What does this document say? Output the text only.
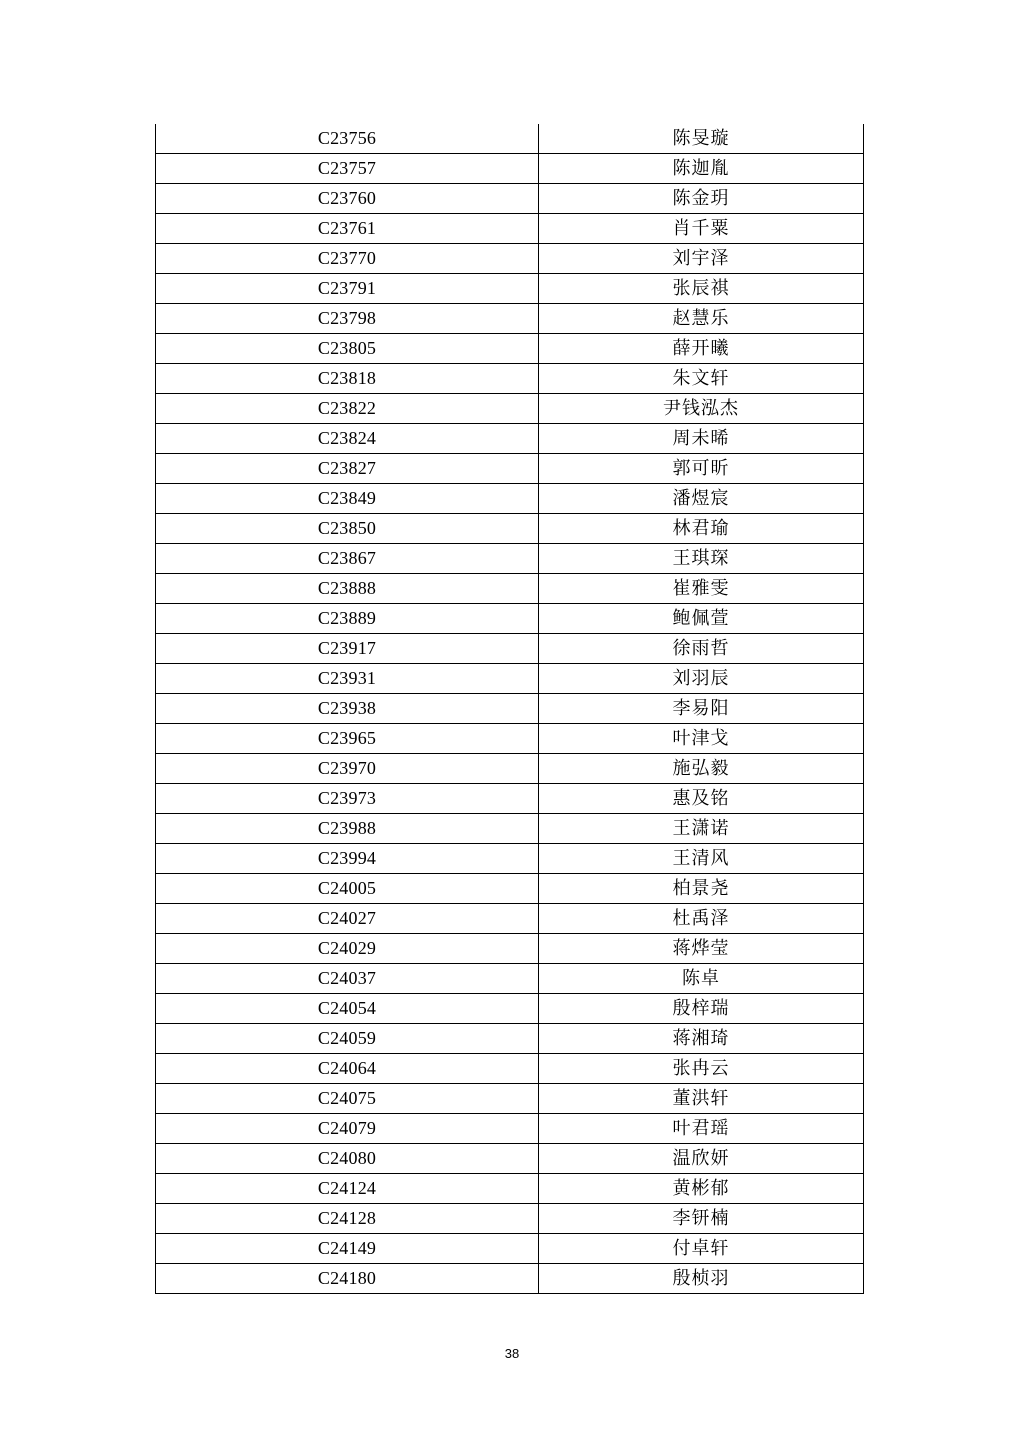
C23756	陈旻璇
C23757	陈迦胤
C23760	陈金玥
C23761	肖千粟
C23770	刘宇泽
C23791	张辰祺
C23798	赵慧乐
C23805	薛开曦
C23818	朱文轩
C23822	尹钱泓杰
C23824	周未晞
C23827	郭可昕
C23849	潘煜宸
C23850	林君瑜
C23867	王琪琛
C23888	崔雅雯
C23889	鲍佩萱
C23917	徐雨哲
C23931	刘羽辰
C23938	李易阳
C23965	叶津戈
C23970	施弘毅
C23973	惠及铭
C23988	王潇诺
C23994	王清风
C24005	柏景尧
C24027	杜禹泽
C24029	蒋烨莹
C24037	陈卓
C24054	殷梓瑞
C24059	蒋湘琦
C24064	张冉云
C24075	董洪轩
C24079	叶君瑶
C24080	温欣妍
C24124	黄彬郁
C24128	李钘楠
C24149	付卓轩
C24180	殷桢羽
38
